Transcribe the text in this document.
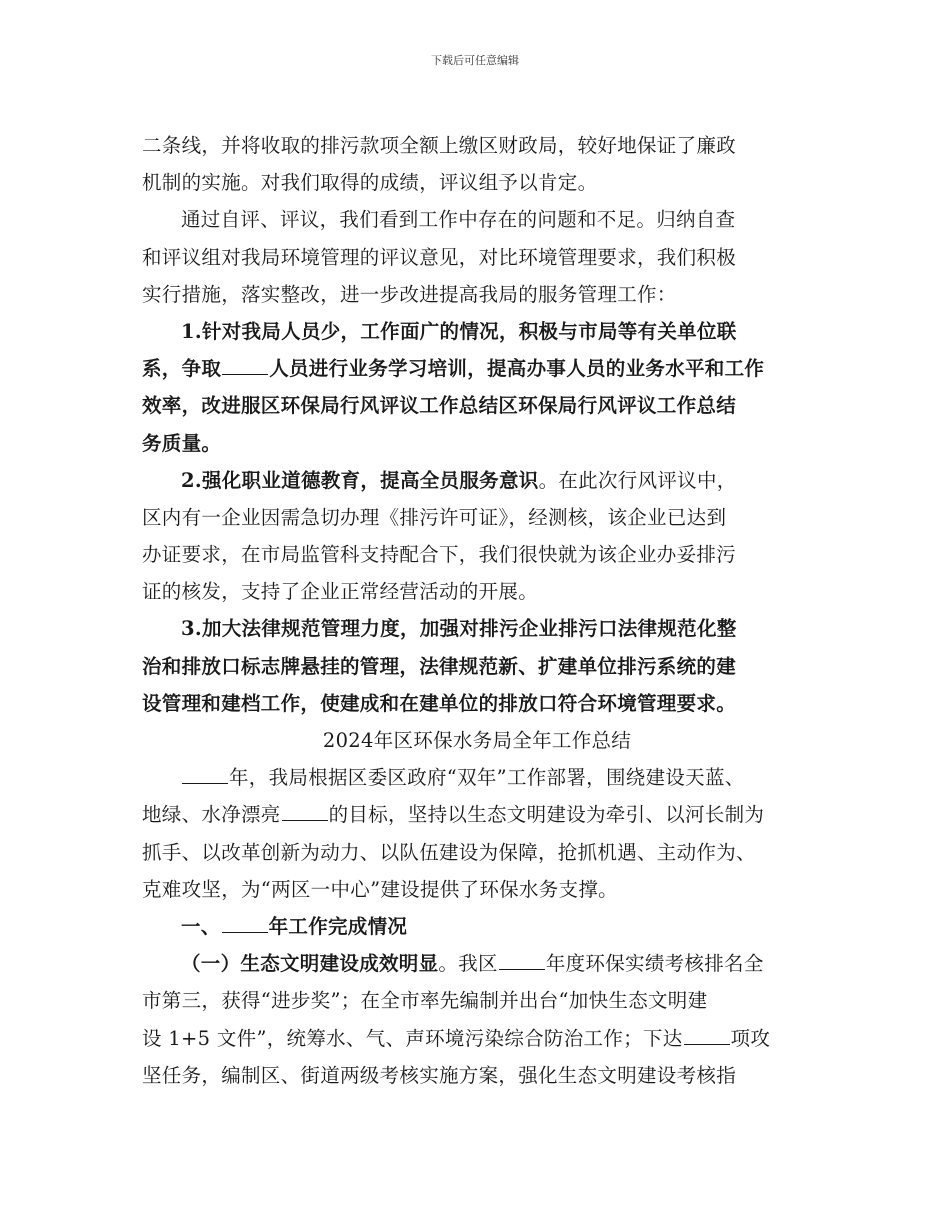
下载后可任意编辑
二条线，并将收取的排污款项全额上缴区财政局，较好地保证了廉政
机制的实施。对我们取得的成绩，评议组予以肯定。
通过自评、评议，我们看到工作中存在的问题和不足。归纳自查
和评议组对我局环境管理的评议意见，对比环境管理要求，我们积极
实行措施，落实整改，进一步改进提高我局的服务管理工作：
1.针对我局人员少，工作面广的情况，积极与市局等有关单位联
系，争取 人员进行业务学习培训，提高办事人员的业务水平和工作
效率，改进服区环保局行风评议工作总结区环保局行风评议工作总结
务质量。
2.强化职业道德教育，提高全员服务意识。在此次行风评议中，
区内有一企业因需急切办理《排污许可证》，经测核，该企业已达到
办证要求，在市局监管科支持配合下，我们很快就为该企业办妥排污
证的核发，支持了企业正常经营活动的开展。
3.加大法律规范管理力度，加强对排污企业排污口法律规范化整
治和排放口标志牌悬挂的管理，法律规范新、扩建单位排污系统的建
设管理和建档工作，使建成和在建单位的排放口符合环境管理要求。
2024年区环保水务局全年工作总结
年，我局根据区委区政府“双年”工作部署，围绕建设天蓝、
地绿、水净漂亮 的目标，坚持以生态文明建设为牵引、以河长制为
抓手、以改革创新为动力、以队伍建设为保障，抢抓机遇、主动作为、
克难攻坚，为“两区一中心”建设提供了环保水务支撑。
一、 年工作完成情况
（一）生态文明建设成效明显。我区 年度环保实绩考核排名全
市第三，获得“进步奖”；在全市率先编制并出台“加快生态文明建
设 1+5 文件”，统筹水、气、声环境污染综合防治工作；下达 项攻
坚任务，编制区、街道两级考核实施方案，强化生态文明建设考核指
